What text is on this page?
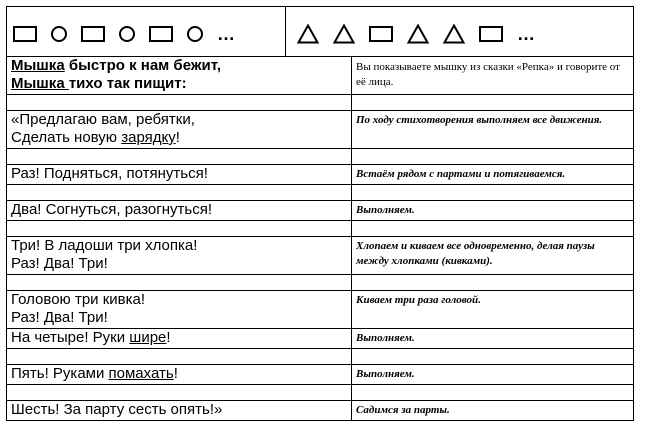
…	…
Мышка быстро к нам бежит,
Мышка тихо так пищит:	Вы показываете мышку из сказки «Репка» и говорите от её лица.

«Предлагаю вам, ребятки,
Сделать новую зарядку!	По ходу стихотворения выполняем все движения.

Раз! Подняться, потянуться!	Встаём рядом с партами и потягиваемся.

Два! Согнуться, разогнуться!	Выполняем.

Три! В ладоши три хлопка!
Раз! Два! Три!	Хлопаем и киваем все одновременно, делая паузы между хлопками (кивками).

Головою три кивка!
Раз! Два! Три!	Киваем три раза головой.
На четыре! Руки шире!	Выполняем.

Пять! Руками помахать!	Выполняем.

Шесть! За парту сесть опять!»	Садимся за парты.
